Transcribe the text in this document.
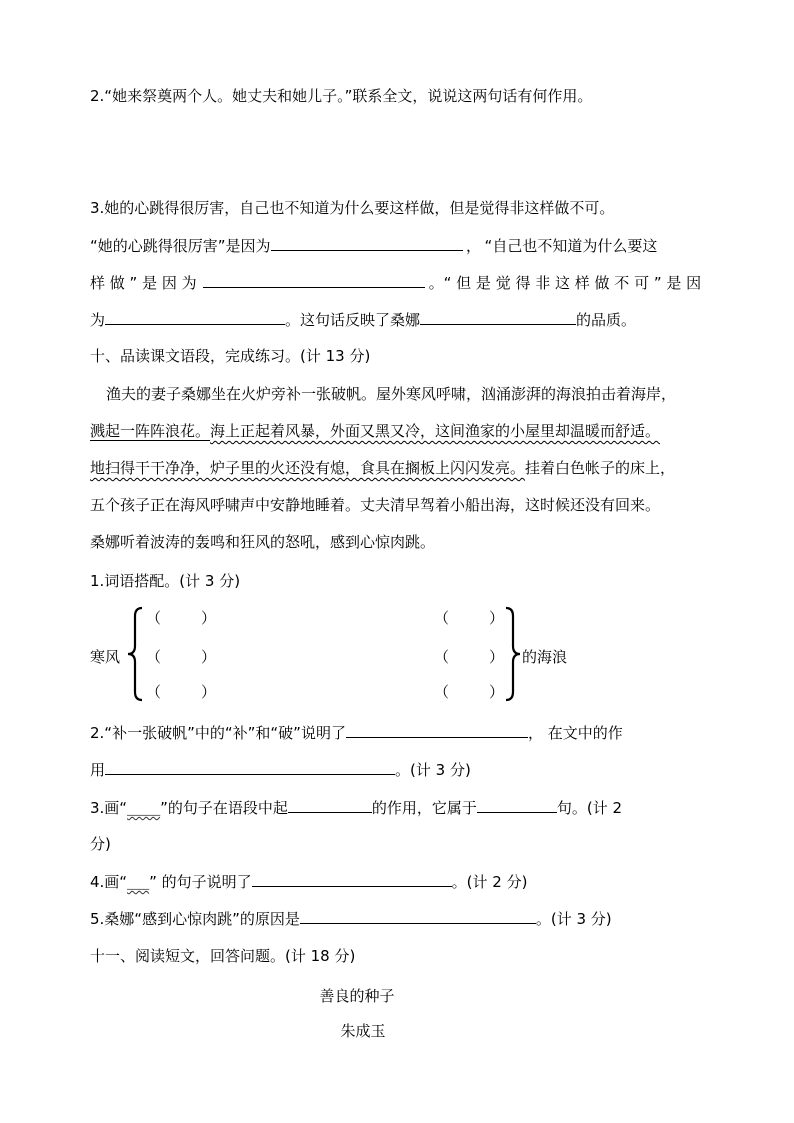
2.“她来祭奠两个人。她丈夫和她儿子。”联系全文，说说这两句话有何作用。
3.她的心跳得很厉害，自己也不知道为什么要这样做，但是觉得非这样做不可。
“她的心跳得很厉害”是因为	， “自己也不知道为什么要这
样 做 ” 是 因 为	。“ 但 是 觉 得 非 这 样 做 不 可 ” 是 因
为	。这句话反映了桑娜	的品质。
十、品读课文语段，完成练习。(计 13 分)
渔夫的妻子桑娜坐在火炉旁补一张破帆。屋外寒风呼啸，汹涌澎湃的海浪拍击着海岸，
溅起一阵阵浪花。海上正起着风暴，外面又黑又冷，这间渔家的小屋里却温暖而舒适。
地扫得干干净净，炉子里的火还没有熄，食具在搁板上闪闪发亮。挂着白色帐子的床上，
五个孩子正在海风呼啸声中安静地睡着。丈夫清早驾着小船出海，这时候还没有回来。
桑娜听着波涛的轰鸣和狂风的怒吼，感到心惊肉跳。
1.词语搭配。(计 3 分)
寒风
（	）
（	）
（	）
（	）
（	）
（	）
的海浪
2.“补一张破帆”中的“补”和“破”说明了	， 在文中的作
用	。(计 3 分)
3.画“______”的句子在语段中起	的作用，它属于	句。(计 2
分)
4.画“____” 的句子说明了	。(计 2 分)
5.桑娜“感到心惊肉跳”的原因是	。(计 3 分)
十一、阅读短文，回答问题。(计 18 分)
善良的种子
朱成玉
